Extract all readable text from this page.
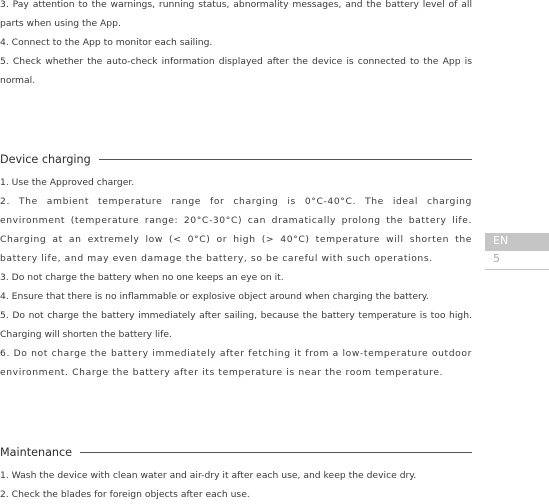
3. Pay attention to the warnings, running status, abnormality messages, and the battery level of all parts when using the App.

4. Connect to the App to monitor each sailing.

5. Check whether the auto-check information displayed after the device is connected to the App is normal.

Device charging

1. Use the Approved charger.

2. The ambient temperature range for charging is 0°C-40°C. The ideal charging environment (temperature range: 20°C-30°C) can dramatically prolong the battery life. Charging at an extremely low (< 0°C) or high (> 40°C) temperature will shorten the battery life, and may even damage the battery, so be careful with such operations.

3. Do not charge the battery when no one keeps an eye on it.

4. Ensure that there is no inflammable or explosive object around when charging the battery.

5. Do not charge the battery immediately after sailing, because the battery temperature is too high. Charging will shorten the battery life.

6. Do not charge the battery immediately after fetching it from a low-temperature outdoor environment. Charge the battery after its temperature is near the room temperature.

Maintenance

1. Wash the device with clean water and air-dry it after each use, and keep the device dry.

2. Check the blades for foreign objects after each use.

EN
5
